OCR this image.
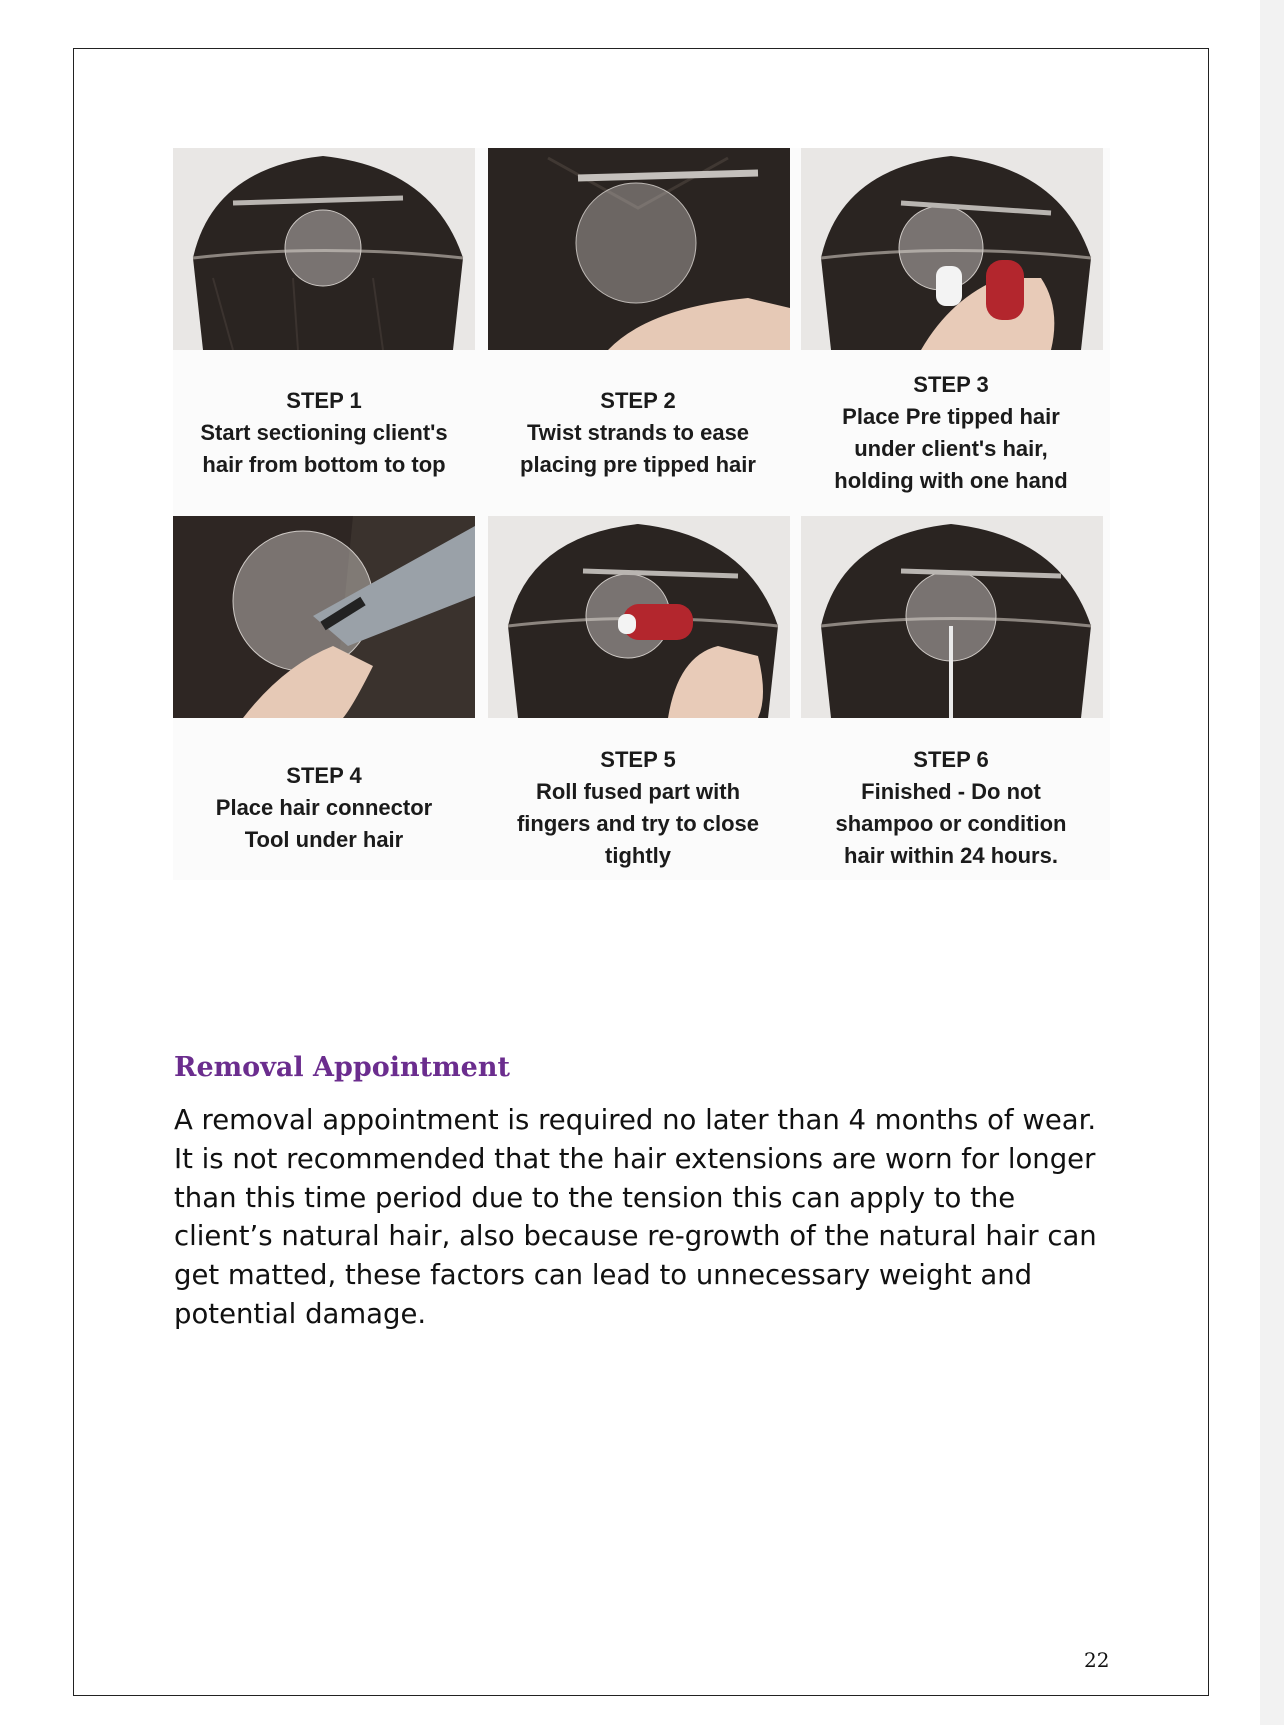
STEP 1
Start sectioning client's
hair from bottom to top
STEP 2
Twist strands to ease
placing pre tipped hair
STEP 3
Place Pre tipped hair
under client's hair,
holding with one hand
STEP 4
Place hair connector
Tool under hair
STEP 5
Roll fused part with
fingers and try to close
tightly
STEP 6
Finished - Do not
shampoo or condition
hair within 24 hours.
Removal Appointment

A removal appointment is required no later than 4 months of wear. It is not recommended that the hair extensions are worn for longer than this time period due to the tension this can apply to the client’s natural hair, also because re-growth of the natural hair can get matted, these factors can lead to unnecessary weight and potential damage.

22
